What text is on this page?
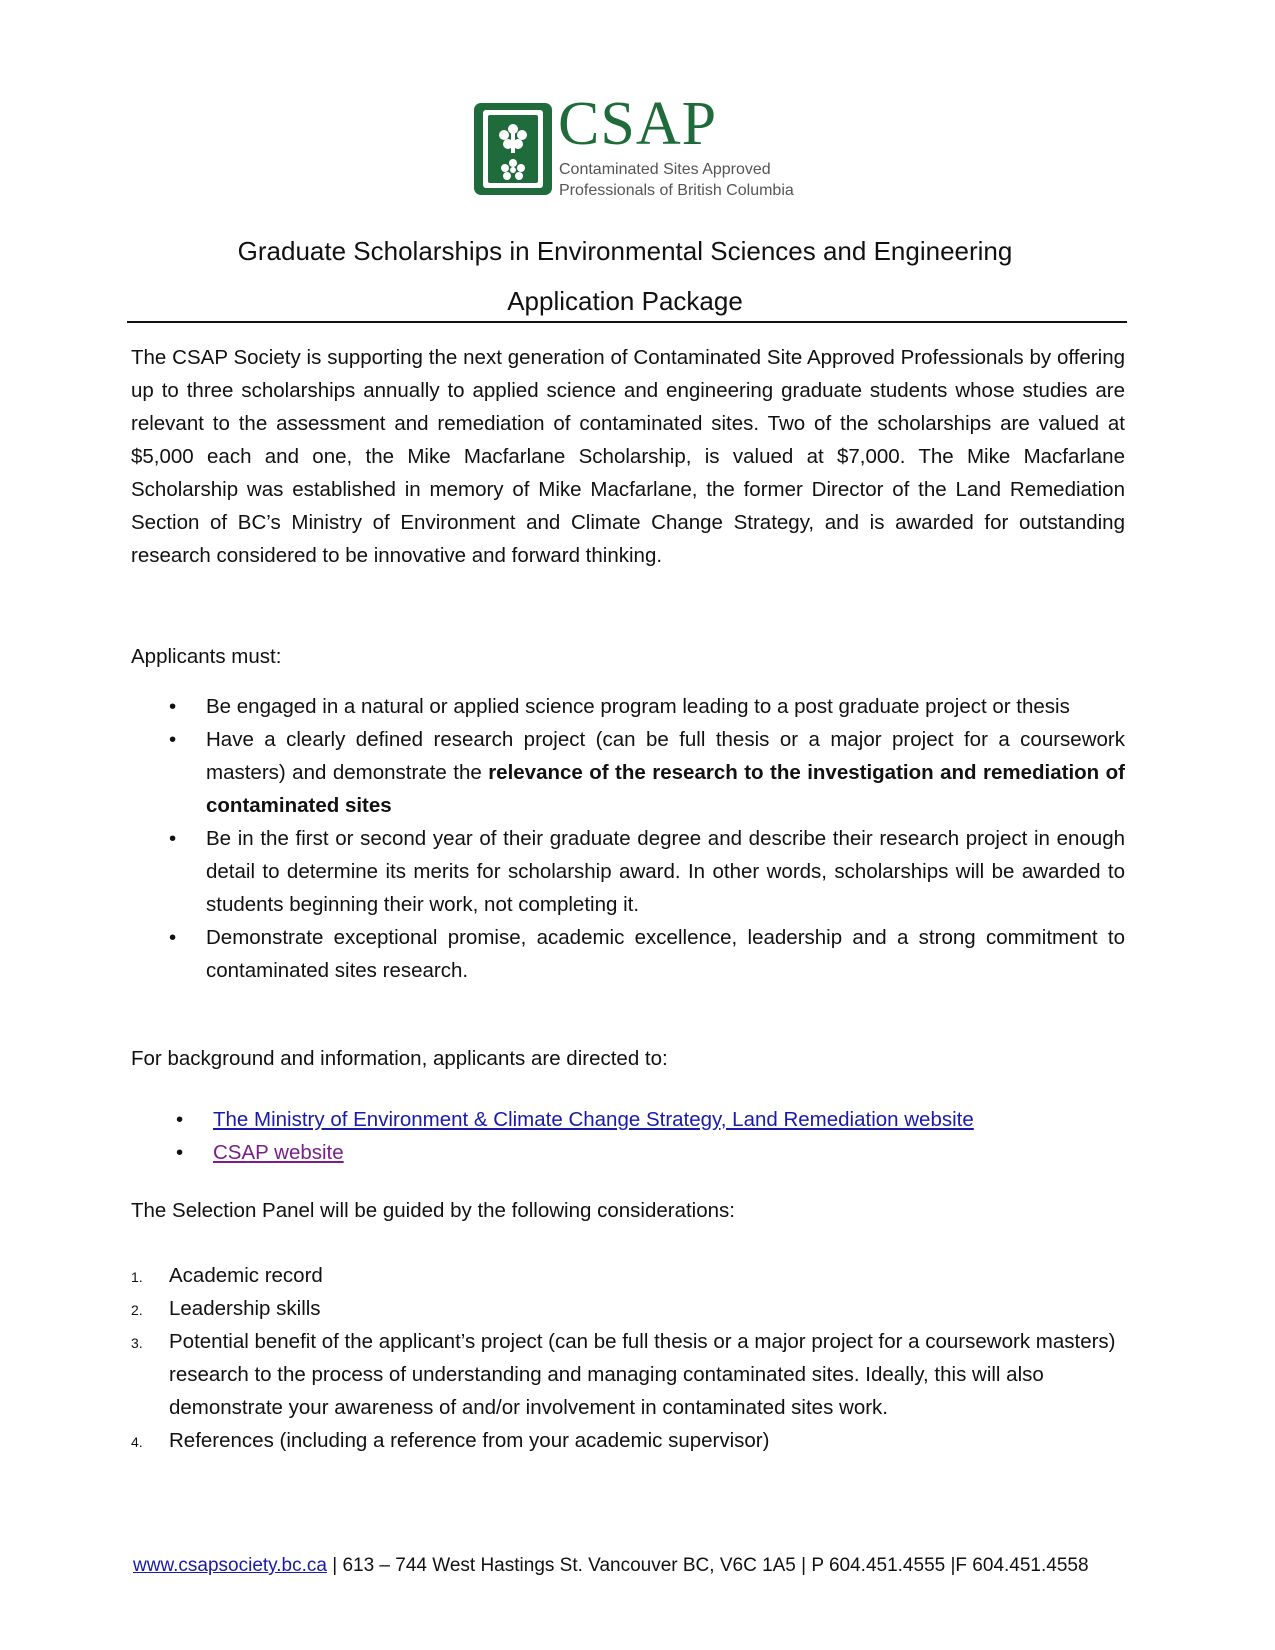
CSAP
Contaminated Sites Approved
Professionals of British Columbia
Graduate Scholarships in Environmental Sciences and Engineering
Application Package

The CSAP Society is supporting the next generation of Contaminated Site Approved Professionals by offering up to three scholarships annually to applied science and engineering graduate students whose studies are relevant to the assessment and remediation of contaminated sites. Two of the scholarships are valued at $5,000 each and one, the Mike Macfarlane Scholarship, is valued at $7,000. The Mike Macfarlane Scholarship was established in memory of Mike Macfarlane, the former Director of the Land Remediation Section of BC’s Ministry of Environment and Climate Change Strategy, and is awarded for outstanding research considered to be innovative and forward thinking.

Applicants must:

• Be engaged in a natural or applied science program leading to a post graduate project or thesis
• Have a clearly defined research project (can be full thesis or a major project for a coursework masters) and demonstrate the relevance of the research to the investigation and remediation of contaminated sites
• Be in the first or second year of their graduate degree and describe their research project in enough detail to determine its merits for scholarship award. In other words, scholarships will be awarded to students beginning their work, not completing it.
• Demonstrate exceptional promise, academic excellence, leadership and a strong commitment to contaminated sites research.

For background and information, applicants are directed to:

• The Ministry of Environment & Climate Change Strategy, Land Remediation website
• CSAP website

The Selection Panel will be guided by the following considerations:

1. Academic record
2. Leadership skills
3. Potential benefit of the applicant’s project (can be full thesis or a major project for a coursework masters) research to the process of understanding and managing contaminated sites. Ideally, this will also demonstrate your awareness of and/or involvement in contaminated sites work.
4. References (including a reference from your academic supervisor)
www.csapsociety.bc.ca | 613 – 744 West Hastings St. Vancouver BC, V6C 1A5 | P 604.451.4555 |F 604.451.4558
